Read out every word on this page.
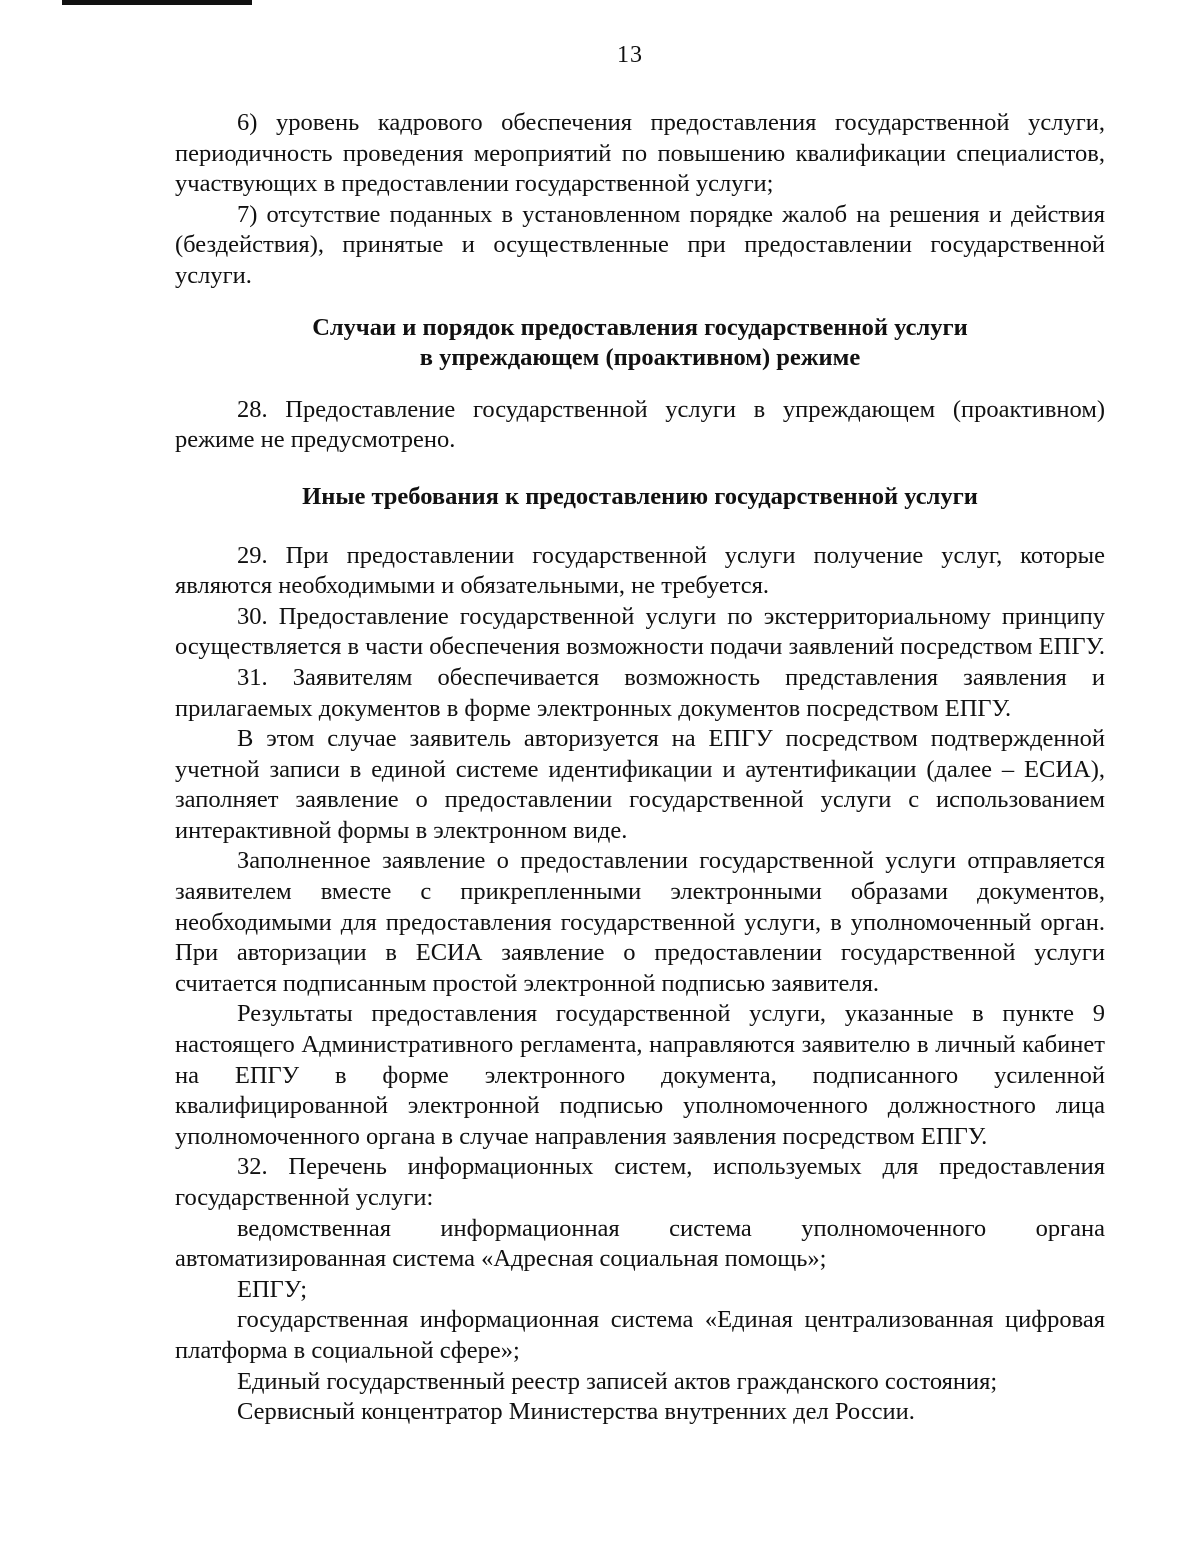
13

6) уровень кадрового обеспечения предоставления государственной услуги, периодичность проведения мероприятий по повышению квалификации специалистов, участвующих в предоставлении государственной услуги;

7) отсутствие поданных в установленном порядке жалоб на решения и действия (бездействия), принятые и осуществленные при предоставлении государственной услуги.

Случаи и порядок предоставления государственной услуги
в упреждающем (проактивном) режиме

28. Предоставление государственной услуги в упреждающем (проактивном) режиме не предусмотрено.

Иные требования к предоставлению государственной услуги

29. При предоставлении государственной услуги получение услуг, которые являются необходимыми и обязательными, не требуется.

30. Предоставление государственной услуги по экстерриториальному принципу осуществляется в части обеспечения возможности подачи заявлений посредством ЕПГУ.

31. Заявителям обеспечивается возможность представления заявления и прилагаемых документов в форме электронных документов посредством ЕПГУ.

В этом случае заявитель авторизуется на ЕПГУ посредством подтвержденной учетной записи в единой системе идентификации и аутентификации (далее – ЕСИА), заполняет заявление о предоставлении государственной услуги с использованием интерактивной формы в электронном виде.

Заполненное заявление о предоставлении государственной услуги отправляется заявителем вместе с прикрепленными электронными образами документов, необходимыми для предоставления государственной услуги, в уполномоченный орган. При авторизации в ЕСИА заявление о предоставлении государственной услуги считается подписанным простой электронной подписью заявителя.

Результаты предоставления государственной услуги, указанные в пункте 9 настоящего Административного регламента, направляются заявителю в личный кабинет на ЕПГУ в форме электронного документа, подписанного усиленной квалифицированной электронной подписью уполномоченного должностного лица уполномоченного органа в случае направления заявления посредством ЕПГУ.

32. Перечень информационных систем, используемых для предоставления государственной услуги:

ведомственная информационная система уполномоченного органа автоматизированная система «Адресная социальная помощь»;

ЕПГУ;

государственная информационная система «Единая централизованная цифровая платформа в социальной сфере»;

Единый государственный реестр записей актов гражданского состояния;

Сервисный концентратор Министерства внутренних дел России.
